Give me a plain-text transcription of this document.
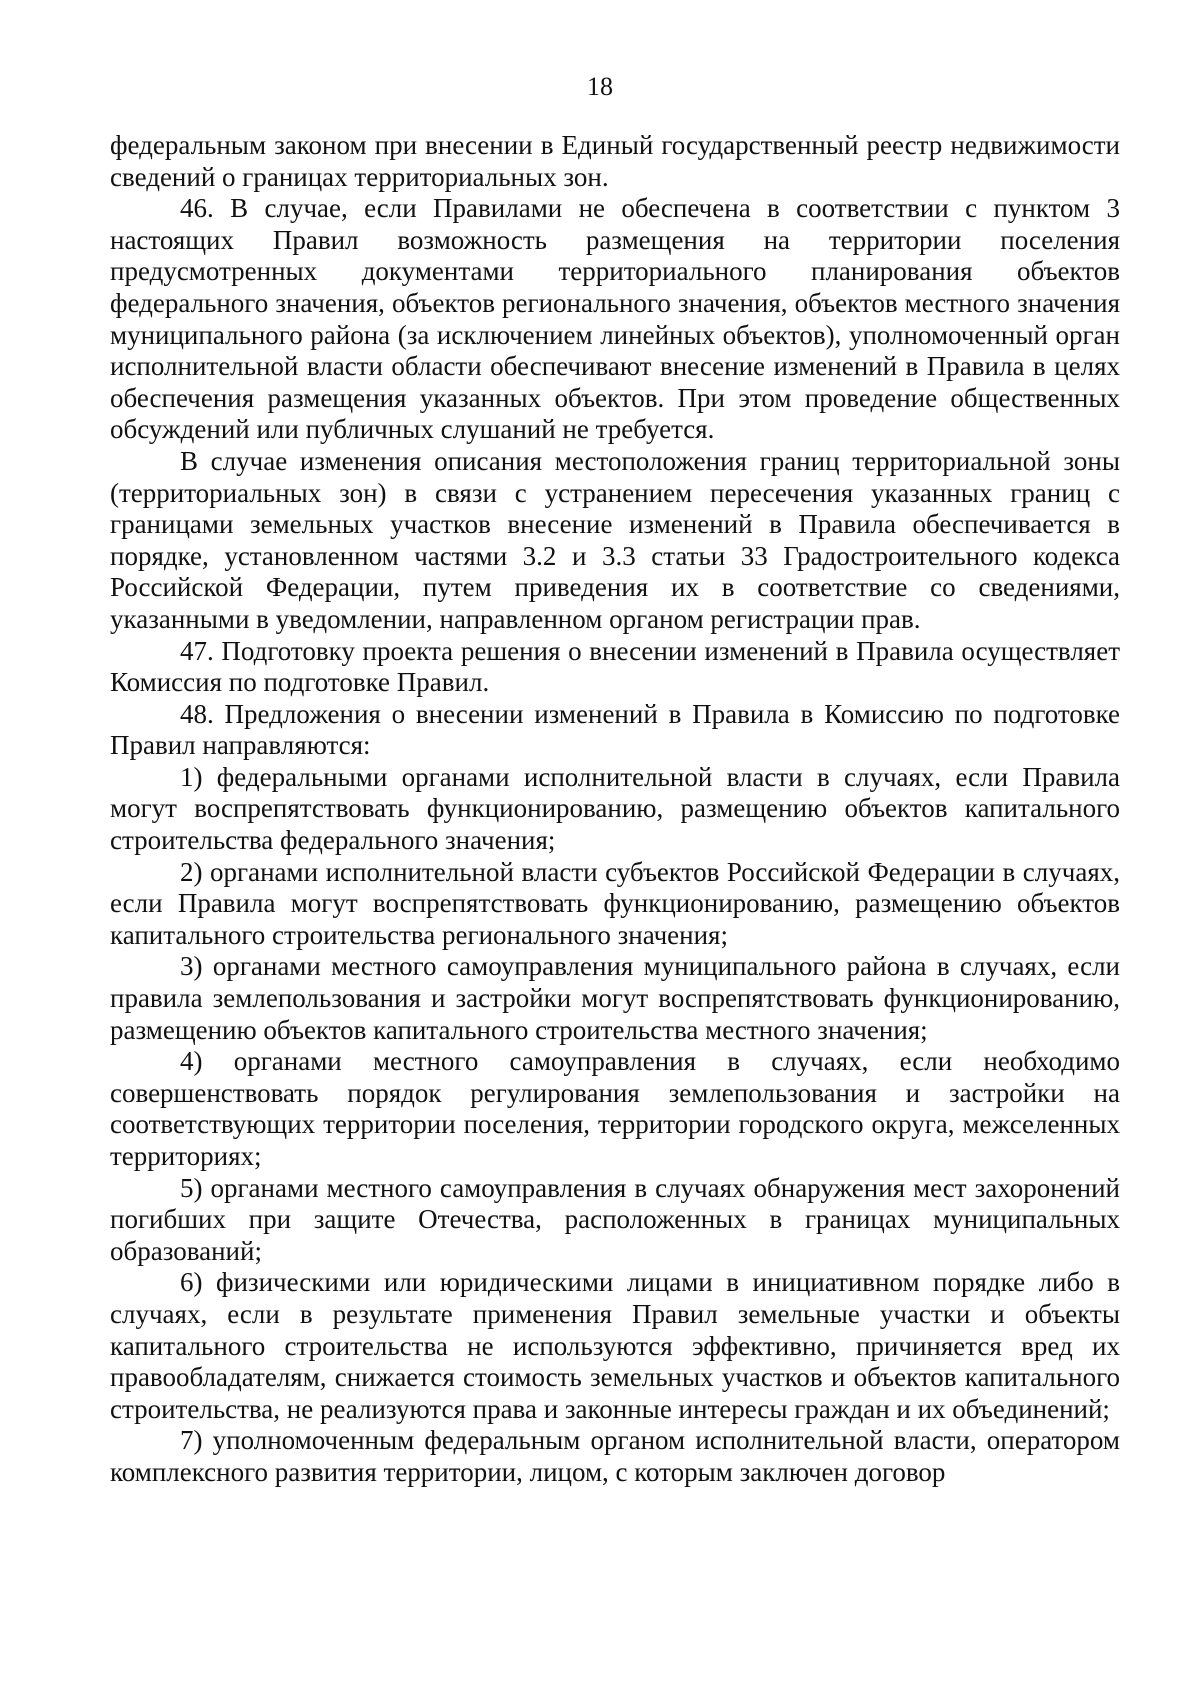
18

федеральным законом при внесении в Единый государственный реестр недвижимости сведений о границах территориальных зон.

46. В случае, если Правилами не обеспечена в соответствии с пунктом 3 настоящих Правил возможность размещения на территории поселения предусмотренных документами территориального планирования объектов федерального значения, объектов регионального значения, объектов местного значения муниципального района (за исключением линейных объектов), уполномоченный орган исполнительной власти области обеспечивают внесение изменений в Правила в целях обеспечения размещения указанных объектов. При этом проведение общественных обсуждений или публичных слушаний не требуется.

В случае изменения описания местоположения границ территориальной зоны (территориальных зон) в связи с устранением пересечения указанных границ с границами земельных участков внесение изменений в Правила обеспечивается в порядке, установленном частями 3.2 и 3.3 статьи 33 Градостроительного кодекса Российской Федерации, путем приведения их в соответствие со сведениями, указанными в уведомлении, направленном органом регистрации прав.

47. Подготовку проекта решения о внесении изменений в Правила осуществляет Комиссия по подготовке Правил.

48. Предложения о внесении изменений в Правила в Комиссию по подготовке Правил направляются:

1) федеральными органами исполнительной власти в случаях, если Правила могут воспрепятствовать функционированию, размещению объектов капитального строительства федерального значения;

2) органами исполнительной власти субъектов Российской Федерации в случаях, если Правила могут воспрепятствовать функционированию, размещению объектов капитального строительства регионального значения;

3) органами местного самоуправления муниципального района в случаях, если правила землепользования и застройки могут воспрепятствовать функционированию, размещению объектов капитального строительства местного значения;

4) органами местного самоуправления в случаях, если необходимо совершенствовать порядок регулирования землепользования и застройки на соответствующих территории поселения, территории городского округа, межселенных территориях;

5) органами местного самоуправления в случаях обнаружения мест захоронений погибших при защите Отечества, расположенных в границах муниципальных образований;

6) физическими или юридическими лицами в инициативном порядке либо в случаях, если в результате применения Правил земельные участки и объекты капитального строительства не используются эффективно, причиняется вред их правообладателям, снижается стоимость земельных участков и объектов капитального строительства, не реализуются права и законные интересы граждан и их объединений;

7) уполномоченным федеральным органом исполнительной власти, оператором комплексного развития территории, лицом, с которым заключен договор
